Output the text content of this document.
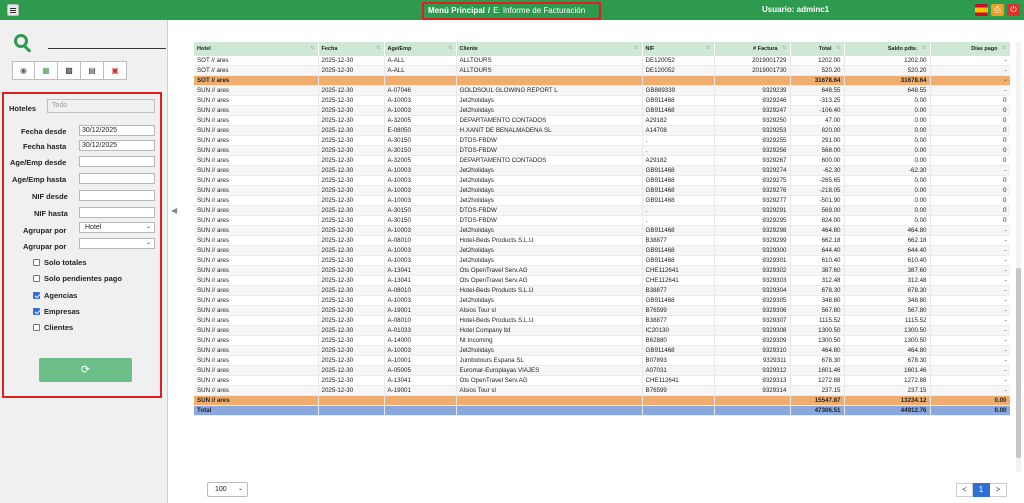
Menú Principal / E. Informe de Facturación	Usuario: adminc1	⎙	⏻
◉	▦	▩	▤	▣
Hoteles	Todo
Fecha desde	30/12/2025
Fecha hasta	30/12/2025
Age/Emp desde
Age/Emp hasta
NIF desde
NIF hasta
Agrupar por	Hotel	⌄
Agrupar por	⌄
Solo totales
Solo pendientes pago
Agencias
Empresas
Clientes
⟳
◀
Hotel ⇅	Fecha ⇅	Age/Emp ⇅	Cliente ⇅	NIF ⇅	# Factura ⇅	Total ⇅	Saldo pdte. ⇅	Días pago ⇅

SOT // ares	2025-12-30	A-ALL	ALLTOURS	DE120052	2019001729	1202.00	1202.00	-
SOT // ares	2025-12-30	A-ALL	ALLTOURS	DE120052	2019001730	520.20	520.20	-
SOT // ares						31678.64	31678.64	-
SUN // ares	2025-12-30	A-07046	GOLDSOUL GLOWING REPORT L	GB889339	9329239	648.55	648.55	-
SUN // ares	2025-12-30	A-10003	Jet2holidays	GB911468	9329246	-313.25	0.00	0
SUN // ares	2025-12-30	A-10003	Jet2holidays	GB911468	9329247	-106.40	0.00	0
SUN // ares	2025-12-30	A-32005	DEPARTAMENTO CONTADOS	A29182	9329250	47.00	0.00	0
SUN // ares	2025-12-30	E-08050	H.XANIT DE BENALMADENA SL	A14708	9329253	820.00	0.00	0
SUN // ares	2025-12-30	A-30150	DTOS-FBDW	.	9329255	291.00	0.00	0
SUN // ares	2025-12-30	A-30150	DTOS-FBDW	.	9329256	568.00	0.00	0
SUN // ares	2025-12-30	A-32005	DEPARTAMENTO CONTADOS	A29182	9329267	600.00	0.00	0
SUN // ares	2025-12-30	A-10003	Jet2holidays	GB911468	9329274	-62.30	-62.30	-
SUN // ares	2025-12-30	A-10003	Jet2holidays	GB911468	9329275	-265.65	0.00	0
SUN // ares	2025-12-30	A-10003	Jet2holidays	GB911468	9329276	-218.05	0.00	0
SUN // ares	2025-12-30	A-10003	Jet2holidays	GB911468	9329277	-501.90	0.00	0
SUN // ares	2025-12-30	A-30150	DTOS-FBDW	.	9329291	569.00	0.00	0
SUN // ares	2025-12-30	A-30150	DTOS-FBDW	.	9329295	824.00	0.00	0
SUN // ares	2025-12-30	A-10003	Jet2holidays	GB911468	9329298	464.80	464.80	-
SUN // ares	2025-12-30	A-08010	Hotel-Beds Products S.L.U	B38877	9329299	662.18	662.18	-
SUN // ares	2025-12-30	A-10003	Jet2holidays	GB911468	9329300	644.40	644.40	-
SUN // ares	2025-12-30	A-10003	Jet2holidays	GB911468	9329301	610.40	610.40	-
SUN // ares	2025-12-30	A-13041	Ots OpenTravel Serv.AG	CHE112641	9329302	387.60	387.60	-
SUN // ares	2025-12-30	A-13041	Ots OpenTravel Serv.AG	CHE112641	9329303	312.48	312.48	-
SUN // ares	2025-12-30	A-08010	Hotel-Beds Products S.L.U	B38877	9329304	678.30	678.30	-
SUN // ares	2025-12-30	A-10003	Jet2holidays	GB911468	9329305	348.80	348.80	-
SUN // ares	2025-12-30	A-19001	Alsios Tour sl	B76599	9329306	567.80	567.80	-
SUN // ares	2025-12-30	A-08010	Hotel-Beds Products S.L.U	B38877	9329307	1115.52	1115.52	-
SUN // ares	2025-12-30	A-01033	Hotel Company ltd	IC20130	9329308	1300.50	1300.50	-
SUN // ares	2025-12-30	A-14000	Nt Incoming	B62880	9329309	1300.50	1300.50	-
SUN // ares	2025-12-30	A-10003	Jet2holidays	GB911468	9329310	464.80	464.80	-
SUN // ares	2025-12-30	A-10001	Jumbotours Espana SL	B07893	9329311	678.30	678.30	-
SUN // ares	2025-12-30	A-05005	Euromar-Europlayas VIAJES	A07031	9329312	1601.46	1601.46	-
SUN // ares	2025-12-30	A-13041	Ots OpenTravel Serv.AG	CHE112641	9329313	1272.88	1272.88	-
SUN // ares	2025-12-30	A-19001	Alsios Tour sl	B76599	9329314	237.15	237.15	-
SUN // ares						15547.87	13234.12	0.00
Total						47306.51	44912.76	0.00
100 ⌄	<	1	>
